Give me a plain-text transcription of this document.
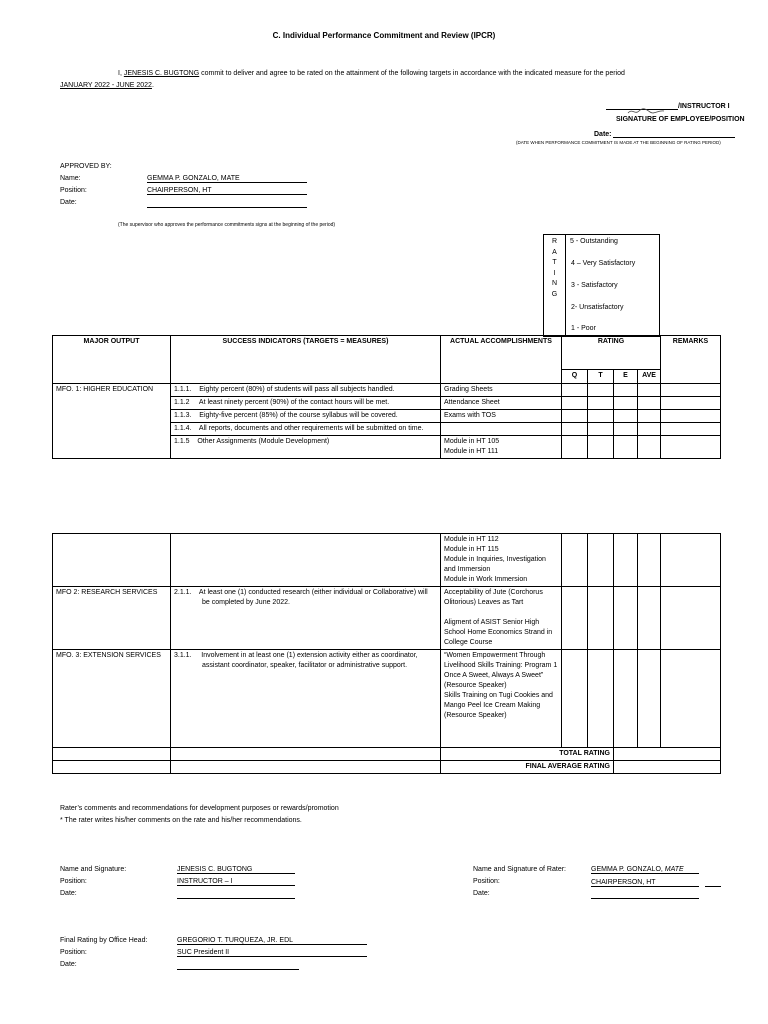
C. Individual Performance Commitment and Review (IPCR)
I, JENESIS C. BUGTONG commit to deliver and agree to be rated on the attainment of the following targets in accordance with the indicated measure for the period
JANUARY 2022 - JUNE 2022.
/INSTRUCTOR I
SIGNATURE OF EMPLOYEE/POSITION
Date:
(DATE WHEN PERFORMANCE COMMITMENT IS MADE AT THE BEGINNING OF RATING PERIOD)
APPROVED BY:
Name:	GEMMA P. GONZALO, MATE
Position:	CHAIRPERSON, HT
Date:
(The supervisor who approves the performance commitments signs at the beginning of the period)
R
A
T
I
N
G
5 - Outstanding
4 – Very Satisfactory
3 - Satisfactory
2- Unsatisfactory
1 - Poor
MAJOR OUTPUT	SUCCESS INDICATORS (TARGETS = MEASURES)	ACTUAL ACCOMPLISHMENTS	RATING				REMARKS
			Q	T	E	AVE	
MFO. 1: HIGHER EDUCATION	1.1.1. Eighty percent (80%) of students will pass all subjects handled.	Grading Sheets					

	1.1.2 At least ninety percent (90%) of the contact hours will be met.	Attendance Sheet					

	1.1.3. Eighty-five percent (85%) of the course syllabus will be covered.	Exams with TOS					

	1.1.4. All reports, documents and other requirements will be submitted on time.						

	1.1.5 Other Assignments (Module Development)	Module in HT 105
Module in HT 111					
		Module in HT 112
Module in HT 115
Module in Inquiries, Investigation and Immersion
Module in Work Immersion					
MFO 2: RESEARCH SERVICES	2.1.1. At least one (1) conducted research (either individual or Collaborative) will be completed by June 2022.	Acceptability of Jute (Corchorus Olitorious) Leaves as Tart

Aligment of ASIST Senior High School Home Economics Strand in College Course					
MFO. 3: EXTENSION SERVICES	3.1.1. Involvement in at least one (1) extension activity either as coordinator, assistant coordinator, speaker, facilitator or administrative support.	“Women Empowerment Through Livelihood Skills Training: Program 1 Once A Sweet, Always A Sweet” (Resource Speaker)
Skills Training on Tugi Cookies and Mango Peel Ice Cream Making (Resource Speaker)					
		TOTAL RATING					
		FINAL AVERAGE RATING					
Rater’s comments and recommendations for development purposes or rewards/promotion
* The rater writes his/her comments on the rate and his/her recommendations.
Name and Signature:	JENESIS C. BUGTONG
Position:	INSTRUCTOR – I
Date:
Name and Signature of Rater:	GEMMA P. GONZALO, MATE
Position:	CHAIRPERSON, HT
Date:
Final Rating by Office Head:	GREGORIO T. TURQUEZA, JR. EDL
Position:	SUC President II
Date:
